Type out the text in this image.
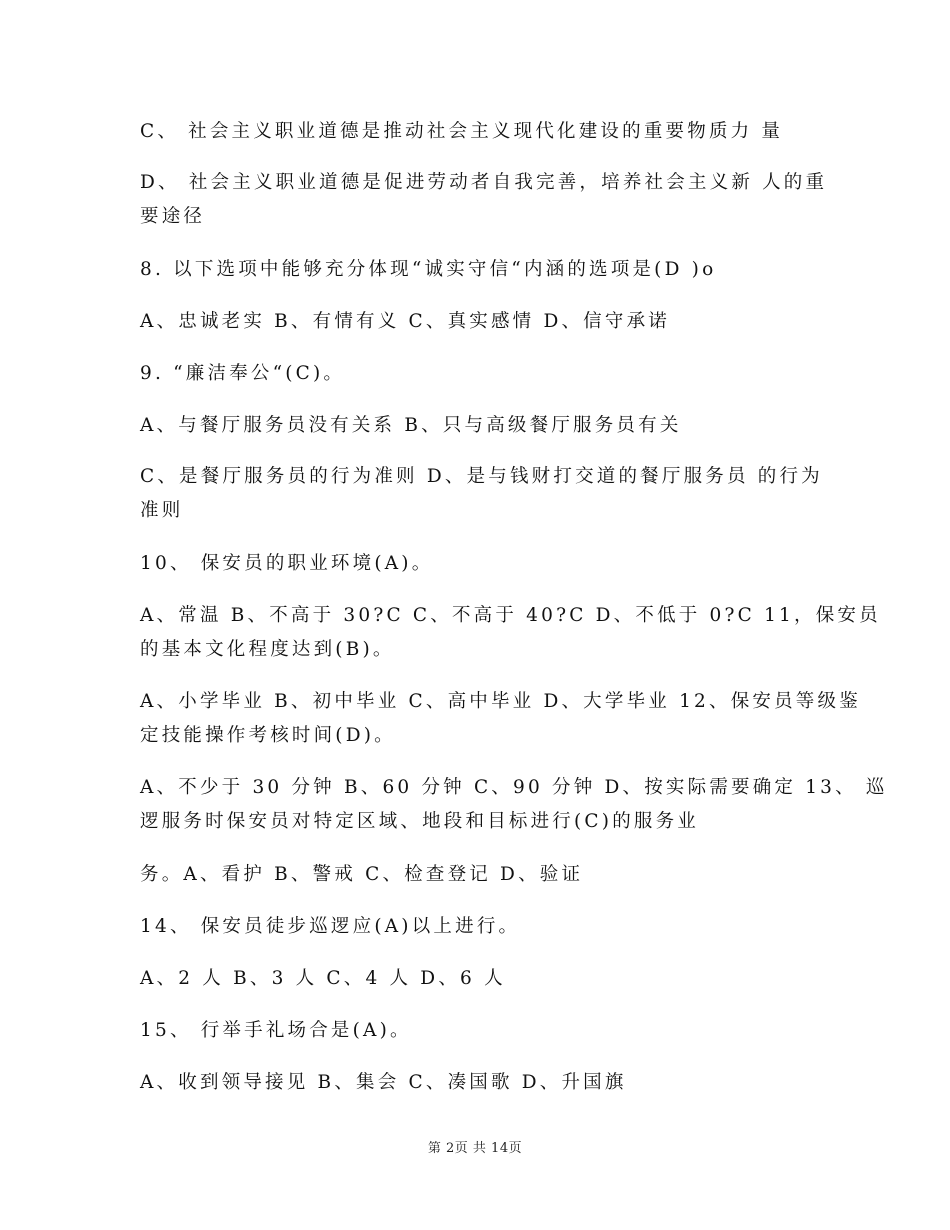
C、 社会主义职业道德是推动社会主义现代化建设的重要物质力 量
D、 社会主义职业道德是促进劳动者自我完善，培养社会主义新 人的重
要途径
8. 以下选项中能够充分体现“诚实守信“内涵的选项是(D )o
A、忠诚老实 B、有情有义 C、真实感情 D、信守承诺
9. “廉洁奉公“(C)。
A、与餐厅服务员没有关系 B、只与高级餐厅服务员有关
C、是餐厅服务员的行为准则 D、是与钱财打交道的餐厅服务员 的行为
准则
10、 保安员的职业环境(A)。
A、常温 B、不高于 30?C C、不高于 40?C D、不低于 0?C 11，保安员
的基本文化程度达到(B)。
A、小学毕业 B、初中毕业 C、高中毕业 D、大学毕业 12、保安员等级鉴
定技能操作考核时间(D)。
A、不少于 30 分钟 B、60 分钟 C、90 分钟 D、按实际需要确定 13、 巡
逻服务时保安员对特定区域、地段和目标进行(C)的服务业
务。A、看护 B、警戒 C、检查登记 D、验证
14、 保安员徒步巡逻应(A)以上进行。
A、2 人 B、3 人 C、4 人 D、6 人
15、 行举手礼场合是(A)。
A、收到领导接见 B、集会 C、凑国歌 D、升国旗
第 2页 共 14页
